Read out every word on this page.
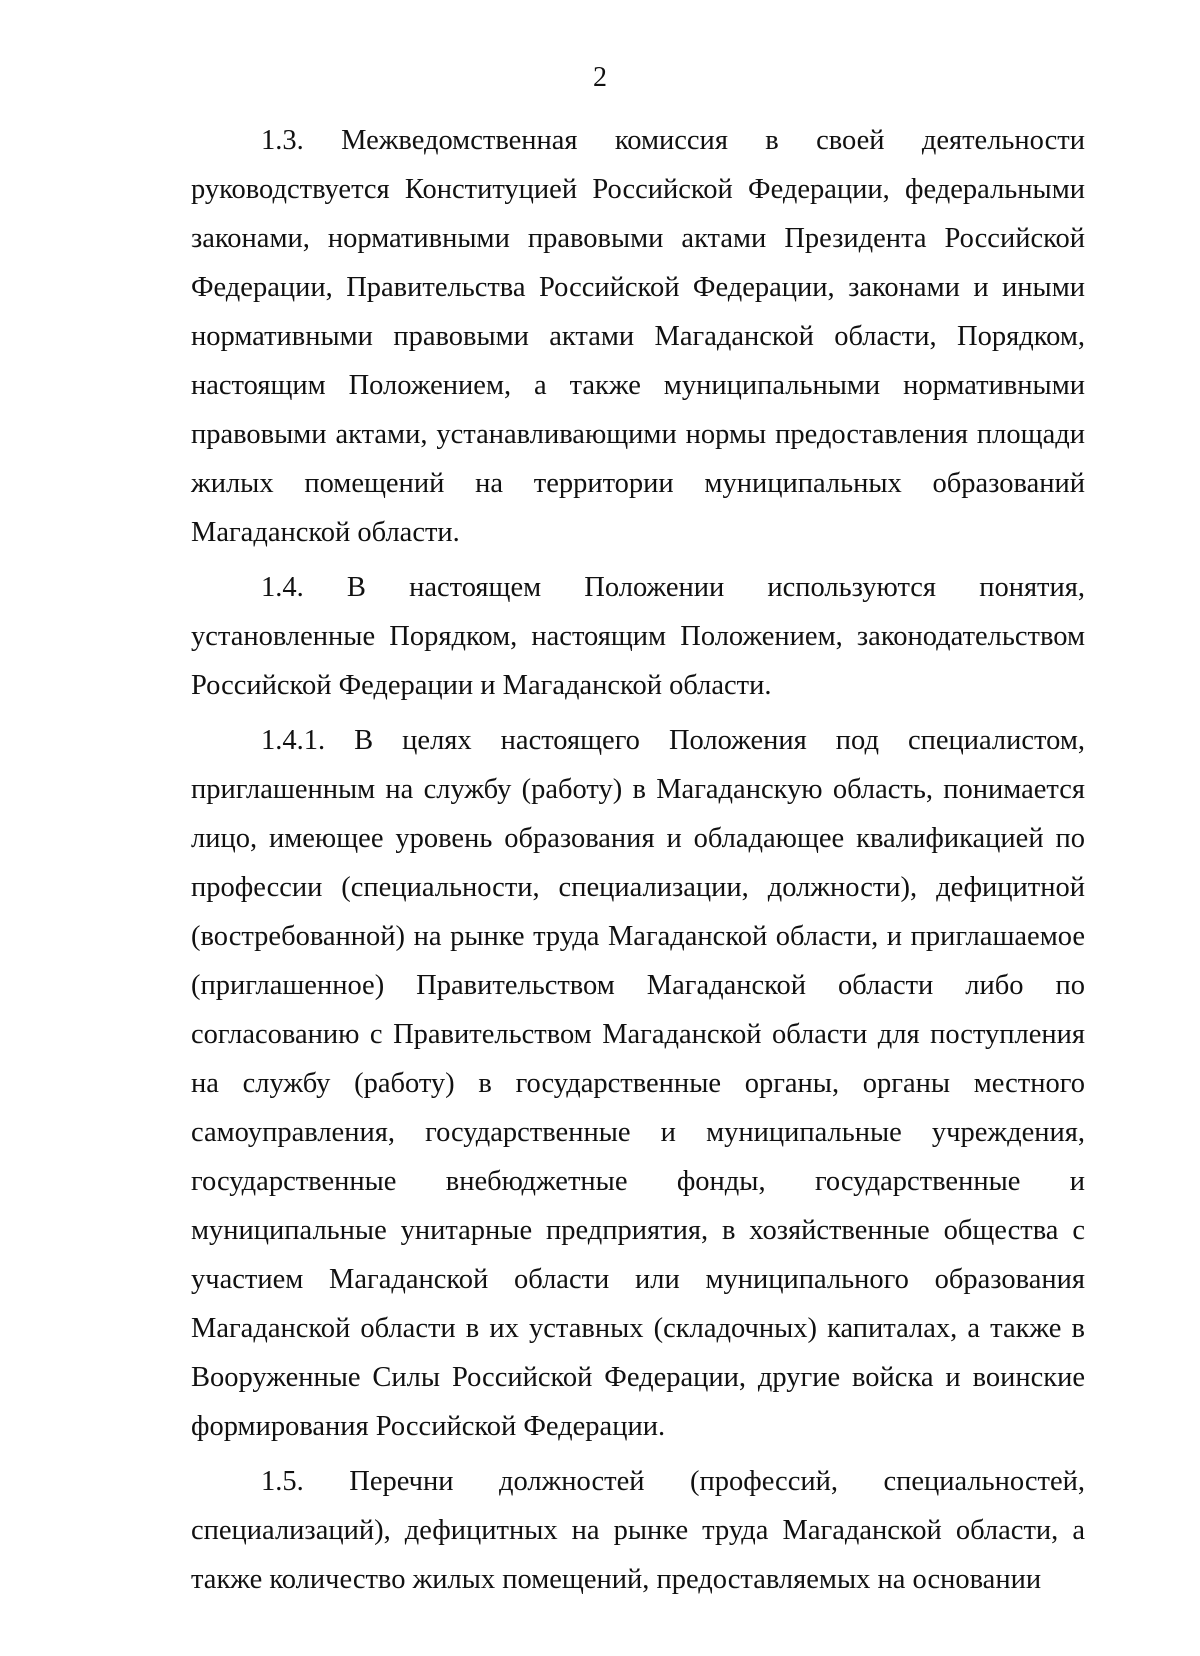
2

1.3. Межведомственная комиссия в своей деятельности руководствуется Конституцией Российской Федерации, федеральными законами, нормативными правовыми актами Президента Российской Федерации, Правительства Российской Федерации, законами и иными нормативными правовыми актами Магаданской области, Порядком, настоящим Положением, а также муниципальными нормативными правовыми актами, устанавливающими нормы предоставления площади жилых помещений на территории муниципальных образований Магаданской области.

1.4. В настоящем Положении используются понятия, установленные Порядком, настоящим Положением, законодательством Российской Федерации и Магаданской области.

1.4.1. В целях настоящего Положения под специалистом, приглашенным на службу (работу) в Магаданскую область, понимается лицо, имеющее уровень образования и обладающее квалификацией по профессии (специальности, специализации, должности), дефицитной (востребованной) на рынке труда Магаданской области, и приглашаемое (приглашенное) Правительством Магаданской области либо по согласованию с Правительством Магаданской области для поступления на службу (работу) в государственные органы, органы местного самоуправления, государственные и муниципальные учреждения, государственные внебюджетные фонды, государственные и муниципальные унитарные предприятия, в хозяйственные общества с участием Магаданской области или муниципального образования Магаданской области в их уставных (складочных) капиталах, а также в Вооруженные Силы Российской Федерации, другие войска и воинские формирования Российской Федерации.

1.5. Перечни должностей (профессий, специальностей, специализаций), дефицитных на рынке труда Магаданской области, а также количество жилых помещений, предоставляемых на основании
